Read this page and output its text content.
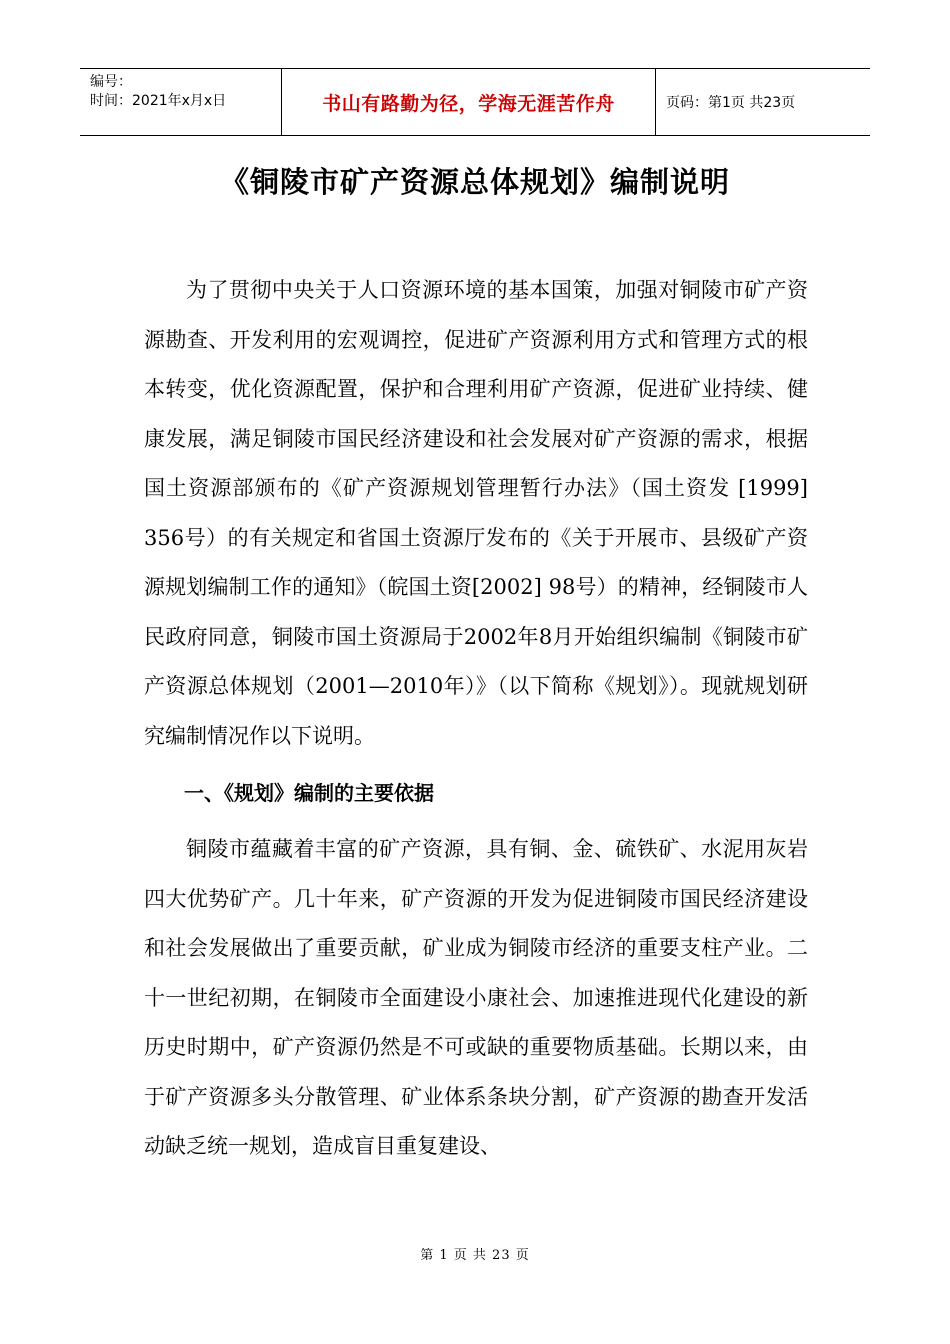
编号：
时间：2021年x月x日	书山有路勤为径，学海无涯苦作舟	页码：第1页 共23页
《铜陵市矿产资源总体规划》编制说明

为了贯彻中央关于人口资源环境的基本国策，加强对铜陵市矿产资源勘查、开发利用的宏观调控，促进矿产资源利用方式和管理方式的根本转变，优化资源配置，保护和合理利用矿产资源，促进矿业持续、健康发展，满足铜陵市国民经济建设和社会发展对矿产资源的需求，根据国土资源部颁布的《矿产资源规划管理暂行办法》（国土资发 [1999] 356号）的有关规定和省国土资源厅发布的《关于开展市、县级矿产资源规划编制工作的通知》（皖国土资[2002] 98号）的精神，经铜陵市人民政府同意，铜陵市国土资源局于2002年8月开始组织编制《铜陵市矿产资源总体规划（2001—2010年）》（以下简称《规划》）。现就规划研究编制情况作以下说明。

一、《规划》编制的主要依据

铜陵市蕴藏着丰富的矿产资源，具有铜、金、硫铁矿、水泥用灰岩四大优势矿产。几十年来，矿产资源的开发为促进铜陵市国民经济建设和社会发展做出了重要贡献，矿业成为铜陵市经济的重要支柱产业。二十一世纪初期，在铜陵市全面建设小康社会、加速推进现代化建设的新历史时期中，矿产资源仍然是不可或缺的重要物质基础。长期以来，由于矿产资源多头分散管理、矿业体系条块分割，矿产资源的勘查开发活动缺乏统一规划，造成盲目重复建设、

第 1 页 共 23 页
